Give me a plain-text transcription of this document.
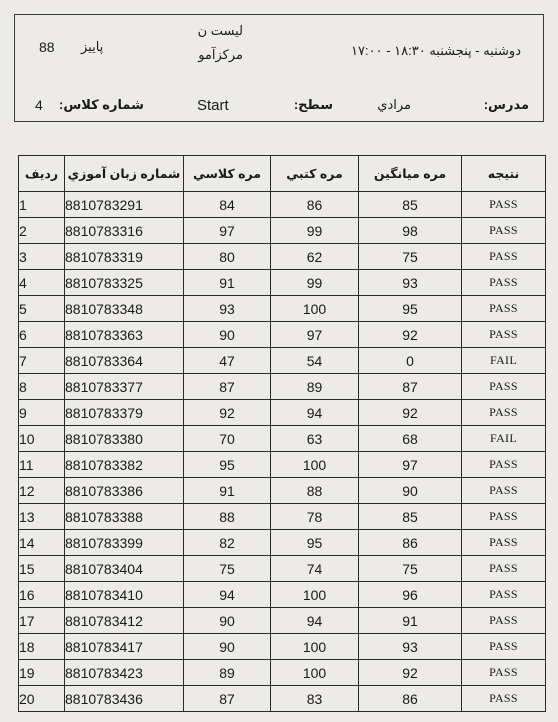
لیست ن
مرکزآمو
88 پاییز	دوشنبه - پنجشنبه ۱۸:۳۰ - ۱۷:۰۰
مدرس:
مرادي
سطح:
Start
شماره کلاس:
4
ردیف	شماره زبان آموزي	مره كلاسي	مره كتبي	مره میانگین	نتیجه
1	8810783291	84	86	85	PASS
2	8810783316	97	99	98	PASS
3	8810783319	80	62	75	PASS
4	8810783325	91	99	93	PASS
5	8810783348	93	100	95	PASS
6	8810783363	90	97	92	PASS
7	8810783364	47	54	0	FAIL
8	8810783377	87	89	87	PASS
9	8810783379	92	94	92	PASS
10	8810783380	70	63	68	FAIL
11	8810783382	95	100	97	PASS
12	8810783386	91	88	90	PASS
13	8810783388	88	78	85	PASS
14	8810783399	82	95	86	PASS
15	8810783404	75	74	75	PASS
16	8810783410	94	100	96	PASS
17	8810783412	90	94	91	PASS
18	8810783417	90	100	93	PASS
19	8810783423	89	100	92	PASS
20	8810783436	87	83	86	PASS
